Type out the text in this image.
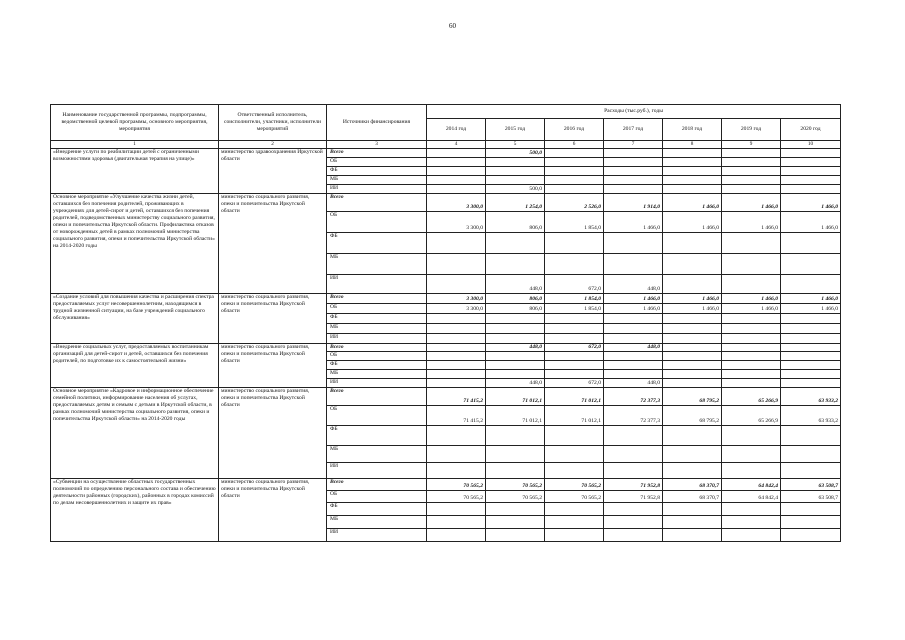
60
Наименование государственной программы, подпрограммы, ведомственной целевой программы, основного мероприятия, мероприятия	Ответственный исполнитель, соисполнители, участники, исполнители мероприятий	Источники финансирования	Расходы (тыс.руб.), годы						
			2014 год	2015 год	2016 год	2017 год	2018 год	2019 год	2020 год
1	2	3	4	5	6	7	8	9	10
«Внедрение услуги по реабилитации детей с ограниченными возможностями здоровья (двигательная терапия на улице)»	министерство здравоохранения Иркутской области	Всего		500,0					
		ОБ							
		ФБ							
		МБ							
		ИИ		500,0					
Основное мероприятие «Улучшение качества жизни детей, оставшихся без попечения родителей, проживающих в учреждениях для детей-сирот и детей, оставшихся без попечения родителей, подведомственных министерству социального развития, опеки и попечительства Иркутской области. Профилактика отказов от новорожденных детей в рамках полномочий министерства социального развития, опеки и попечительства Иркутской области» на 2014-2020 годы	министерство социального развития, опеки и попечительства Иркутской области	Всего	3 300,0	1 254,0	2 526,0	1 914,0	1 466,0	1 466,0	1 466,0
		ОБ	3 300,0	806,0	1 854,0	1 466,0	1 466,0	1 466,0	1 466,0
		ФБ							
		МБ							
		ИИ		448,0	672,0	448,0			
«Создание условий для повышения качества и расширения спектра предоставляемых услуг несовершеннолетним, находящимся в трудной жизненной ситуации, на базе учреждений социального обслуживания»	министерство социального развития, опеки и попечительства Иркутской области	Всего	3 300,0	806,0	1 854,0	1 466,0	1 466,0	1 466,0	1 466,0
		ОБ	3 300,0	806,0	1 854,0	1 466,0	1 466,0	1 466,0	1 466,0
		ФБ							
		МБ							
		ИИ							
«Внедрение социальных услуг, предоставляемых воспитанникам организаций для детей-сирот и детей, оставшихся без попечения родителей, по подготовке их к самостоятельной жизни»	министерство социального развития, опеки и попечительства Иркутской области	Всего		448,0	672,0	448,0			
		ОБ							
		ФБ							
		МБ							
		ИИ		448,0	672,0	448,0			
Основное мероприятие «Кадровое и информационное обеспечение семейной политики, информирование населения об услугах, предоставляемых детям и семьям с детьми в Иркутской области, в рамках полномочий министерства социального развития, опеки и попечительства Иркутской области» на 2014-2020 годы	министерство социального развития, опеки и попечительства Иркутской области	Всего	71 415,2	71 012,1	71 012,1	72 377,3	68 795,2	65 266,9	63 933,2
		ОБ	71 415,2	71 012,1	71 012,1	72 377,3	68 795,2	65 266,9	63 933,2
		ФБ							
		МБ							
		ИИ							
«Субвенции на осуществление областных государственных полномочий по определению персонального состава и обеспечению деятельности районных (городских), районных в городах комиссий по делам несовершеннолетних и защите их прав»	министерство социального развития, опеки и попечительства Иркутской области	Всего	70 565,2	70 565,2	70 565,2	71 952,8	68 370,7	64 842,4	63 508,7
		ОБ	70 565,2	70 565,2	70 565,2	71 952,8	68 370,7	64 842,4	63 508,7
		ФБ							
		МБ							
		ИИ							
